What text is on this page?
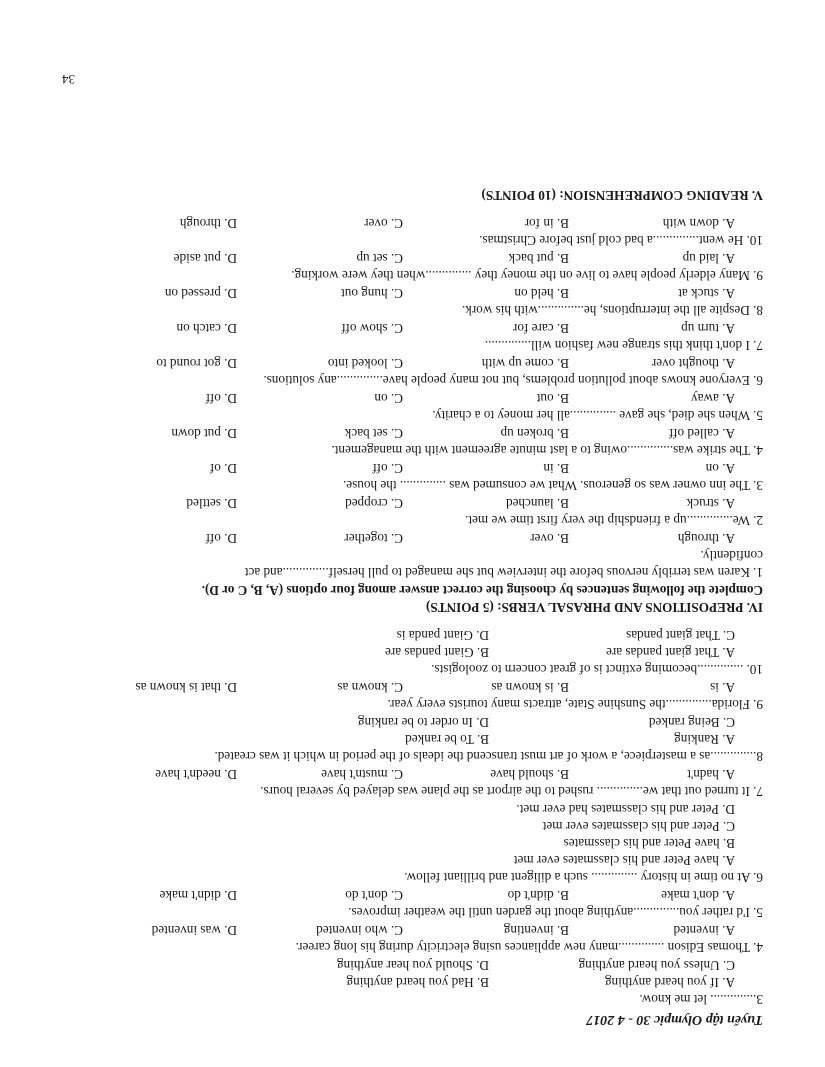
Tuyển tập Olympic 30 - 4 2017
3.............. let me know.
A. If you heard anything
B. Had you heard anything
C. Unless you heard anything
D. Should you hear anything
4. Thomas Edison ..............many new appliances using electricity during his long career.
A. invented
B. inventing
C. who invented
D. was invented
5. I'd rather you..............anything about the garden until the weather improves.
A. don't make
B. didn't do
C. don't do
D. didn't make
6. At no time in history .............. such a diligent and brilliant fellow.
A. have Peter and his classmates ever met
B. have Peter and his classmates
C. Peter and his classmates ever met
D. Peter and his classmates had ever met.
7. It turned out that we.............. rushed to the airport as the plane was delayed by several hours.
A. hadn't
B. should have
C. mustn't have
D. needn't have
8..............as a masterpiece, a work of art must transcend the ideals of the period in which it was created.
A. Ranking
B. To be ranked
C. Being ranked
D. In order to be ranking
9. Florida..............the Sunshine State, attracts many tourists every year.
A. is
B. is known as
C. known as
D. that is known as
10. ..............becoming extinct is of great concern to zoologists.
A. That giant pandas are
B. Giant pandas are
C. That giant pandas
D. Giant panda is
IV. PREPOSITIONS AND PHRASAL VERBS: (5 POINTS)
Complete the following sentences by choosing the correct answer among four options (A, B, C or D).
1. Karen was terribly nervous before the interview but she managed to pull herself..............and act
confidently.
A. through
B. over
C. together
D. off
2. We..............up a friendship the very first time we met.
A. struck
B. launched
C. cropped
D. settled
3. The inn owner was so generous. What we consumed was .............. the house.
A. on
B. in
C. off
D. of
4. The strike was..............owing to a last minute agreement with the management.
A. called off
B. broken up
C. set back
D. put down
5. When she died, she gave ..............all her money to a charity.
A. away
B. out
C. on
D. off
6. Everyone knows about pollution problems, but not many people have..............any solutions.
A. thought over
B. come up with
C. looked into
D. got round to
7. I don't think this strange new fashion will..............
A. turn up
B. care for
C. show off
D. catch on
8. Despite all the interruptions, he..............with his work.
A. stuck at
B. held on
C. hung out
D. pressed on
9. Many elderly people have to live on the money they ..............when they were working.
A. laid up
B. put back
C. set up
D. put aside
10. He went..............a bad cold just before Christmas.
A. down with
B. in for
C. over
D. through
V. READING COMPREHENSION: (10 POINTS)
34
